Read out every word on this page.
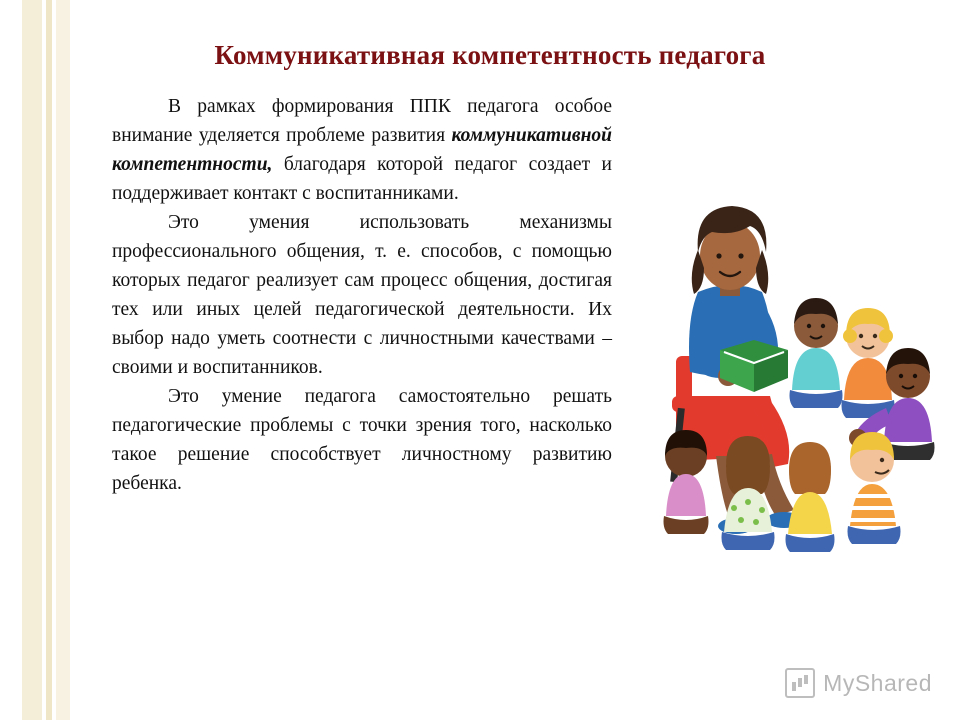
Коммуникативная компетентность педагога

В рамках формирования ППК педагога особое внимание уделяется проблеме развития коммуникативной компетентности, благодаря которой педагог создает и поддерживает контакт с воспитанниками.

Это умения использовать механизмы профессионального общения, т. е. способов, с помощью которых педагог реализует сам процесс общения, достигая тех или иных целей педагогической деятельности. Их выбор надо уметь соотнести с личностными качествами – своими и воспитанников.

Это умение педагога самостоятельно решать педагогические проблемы с точки зрения того, насколько такое решение способствует личностному развитию ребенка.

MyShared
